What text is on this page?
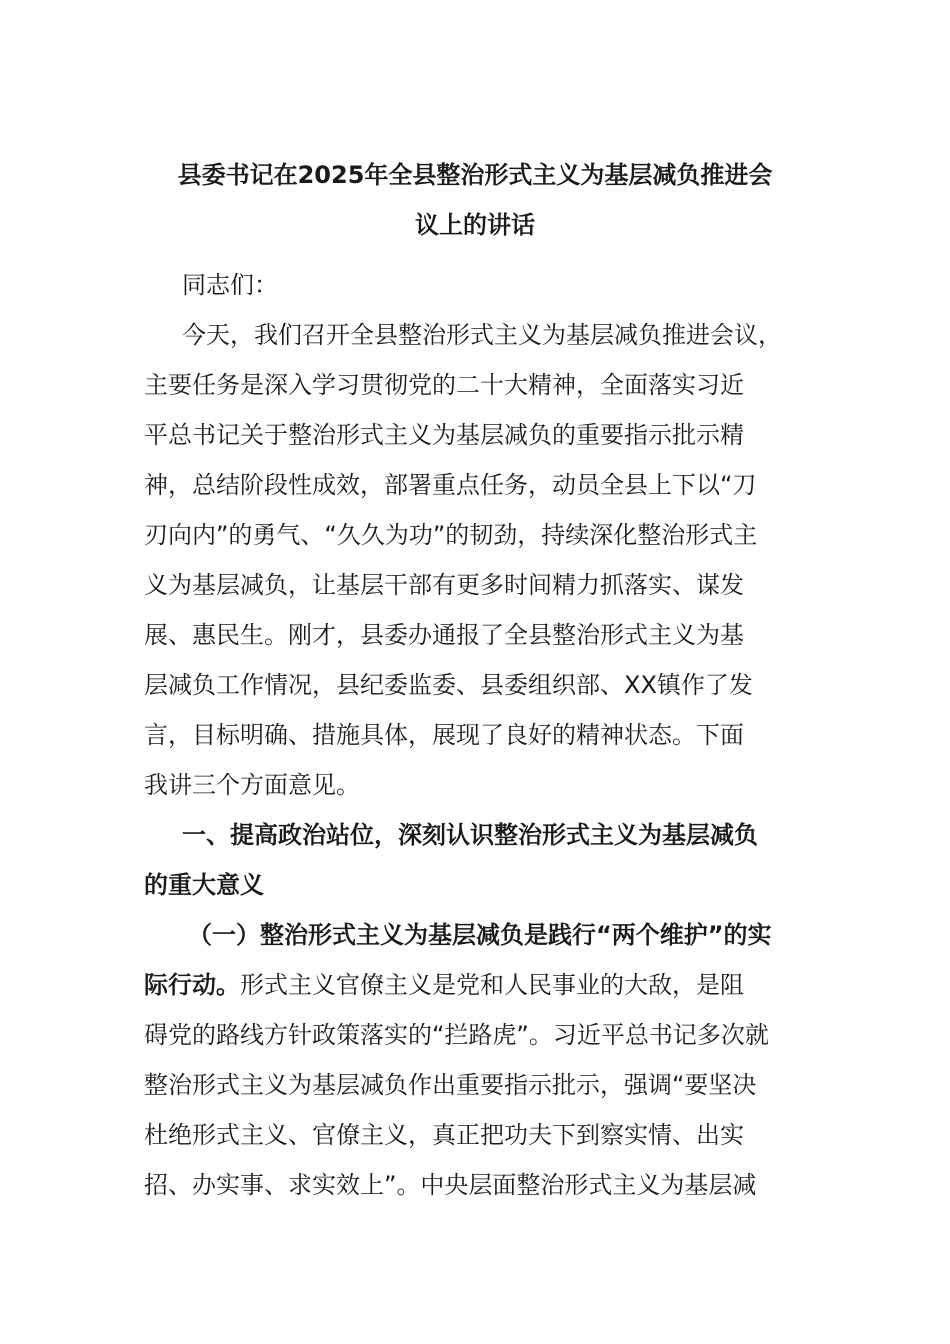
县委书记在2025年全县整治形式主义为基层减负推进会
议上的讲话

同志们：

今天，我们召开全县整治形式主义为基层减负推进会议，

主要任务是深入学习贯彻党的二十大精神，全面落实习近

平总书记关于整治形式主义为基层减负的重要指示批示精

神，总结阶段性成效，部署重点任务，动员全县上下以“刀

刃向内”的勇气、“久久为功”的韧劲，持续深化整治形式主

义为基层减负，让基层干部有更多时间精力抓落实、谋发

展、惠民生。刚才，县委办通报了全县整治形式主义为基

层减负工作情况，县纪委监委、县委组织部、XX镇作了发

言，目标明确、措施具体，展现了良好的精神状态。下面

我讲三个方面意见。

一、提高政治站位，深刻认识整治形式主义为基层减负

的重大意义

（一）整治形式主义为基层减负是践行“两个维护”的实

际行动。形式主义官僚主义是党和人民事业的大敌，是阻

碍党的路线方针政策落实的“拦路虎”。习近平总书记多次就

整治形式主义为基层减负作出重要指示批示，强调“要坚决

杜绝形式主义、官僚主义，真正把功夫下到察实情、出实

招、办实事、求实效上”。中央层面整治形式主义为基层减
